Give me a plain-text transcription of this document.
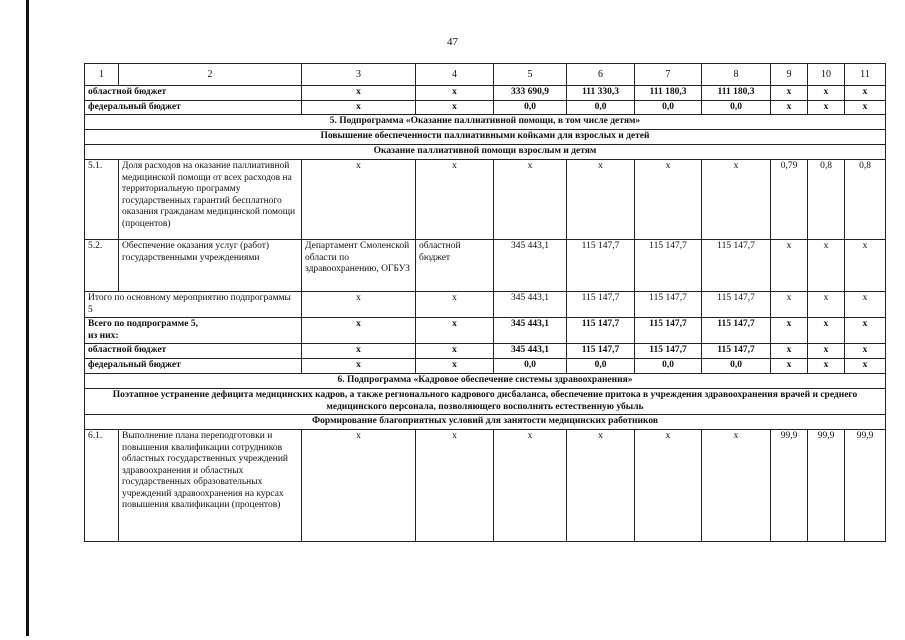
47
1	2	3	4	5	6	7	8	9	10	11
областной бюджет		х	х	333 690,9	111 330,3	111 180,3	111 180,3	х	х	х
федеральный бюджет		х	х	0,0	0,0	0,0	0,0	х	х	х
5. Подпрограмма «Оказание паллиативной помощи, в том числе детям»										
Повышение обеспеченности паллиативными койками для взрослых и детей										
Оказание паллиативной помощи взрослым и детям										
5.1.	Доля расходов на оказание паллиативной медицинской помощи от всех расходов на территориальную программу государственных гарантий бесплатного оказания гражданам медицинской помощи (процентов)	х	х	х	х	х	х	0,79	0,8	0,8
5.2.	Обеспечение оказания услуг (работ) государственными учреждениями	Департамент Смоленской области по здравоохранению, ОГБУЗ	областной бюджет	345 443,1	115 147,7	115 147,7	115 147,7	х	х	х
Итого по основному мероприятию подпрограммы 5		х	х	345 443,1	115 147,7	115 147,7	115 147,7	х	х	х
Всего по подпрограмме 5,
из них:		х	х	345 443,1	115 147,7	115 147,7	115 147,7	х	х	х
областной бюджет		х	х	345 443,1	115 147,7	115 147,7	115 147,7	х	х	х
федеральный бюджет		х	х	0,0	0,0	0,0	0,0	х	х	х
6. Подпрограмма «Кадровое обеспечение системы здравоохранения»										
Поэтапное устранение дефицита медицинских кадров, а также регионального кадрового дисбаланса, обеспечение притока в учреждения здравоохранения врачей и среднего медицинского персонала, позволяющего восполнять естественную убыль										
Формирование благоприятных условий для занятости медицинских работников										
6.1.	Выполнение плана переподготовки и повышения квалификации сотрудников областных государственных учреждений здравоохранения и областных государственных образовательных учреждений здравоохранения на курсах повышения квалификации (процентов)	х	х	х	х	х	х	99,9	99,9	99,9
